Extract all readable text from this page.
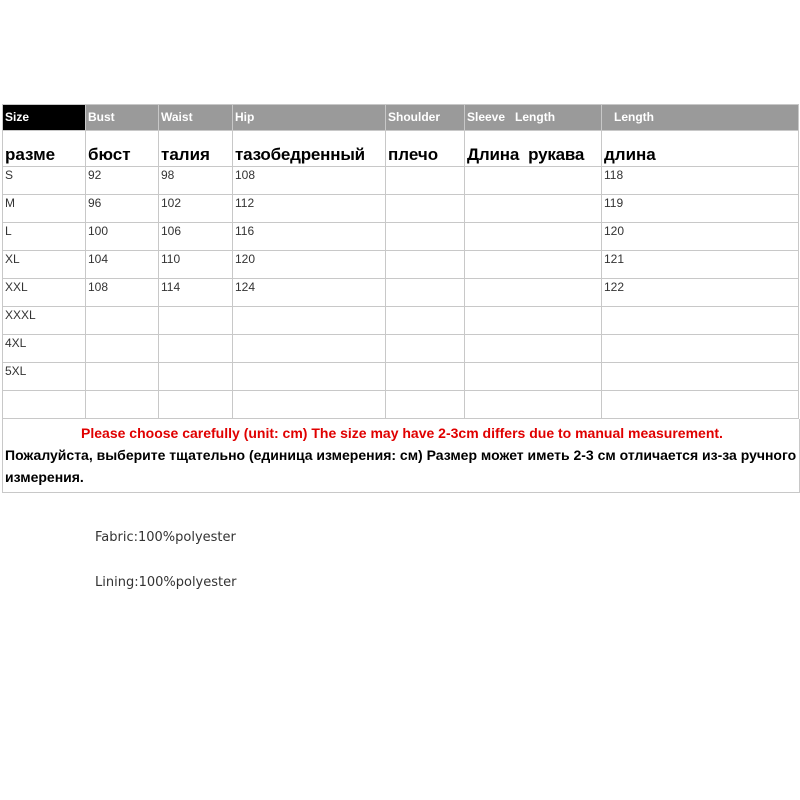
Size	Bust	Waist	Hip	Shoulder	Sleeve   Length	Length
разме	бюст	талия	тазобедренный	плечо	Длина  рукава	длина
S	92	98	108			118
M	96	102	112			119
L	100	106	116			120
XL	104	110	120			121
XXL	108	114	124			122
XXXL						
4XL						
5XL						

Please choose carefully (unit: cm) The size may have 2-3cm differs due to manual measurement.
Пожалуйста, выберите тщательно (единица измерения: см) Размер может иметь 2-3 см отличается из-за ручного измерения.
Fabric:100%polyester
Lining:100%polyester
